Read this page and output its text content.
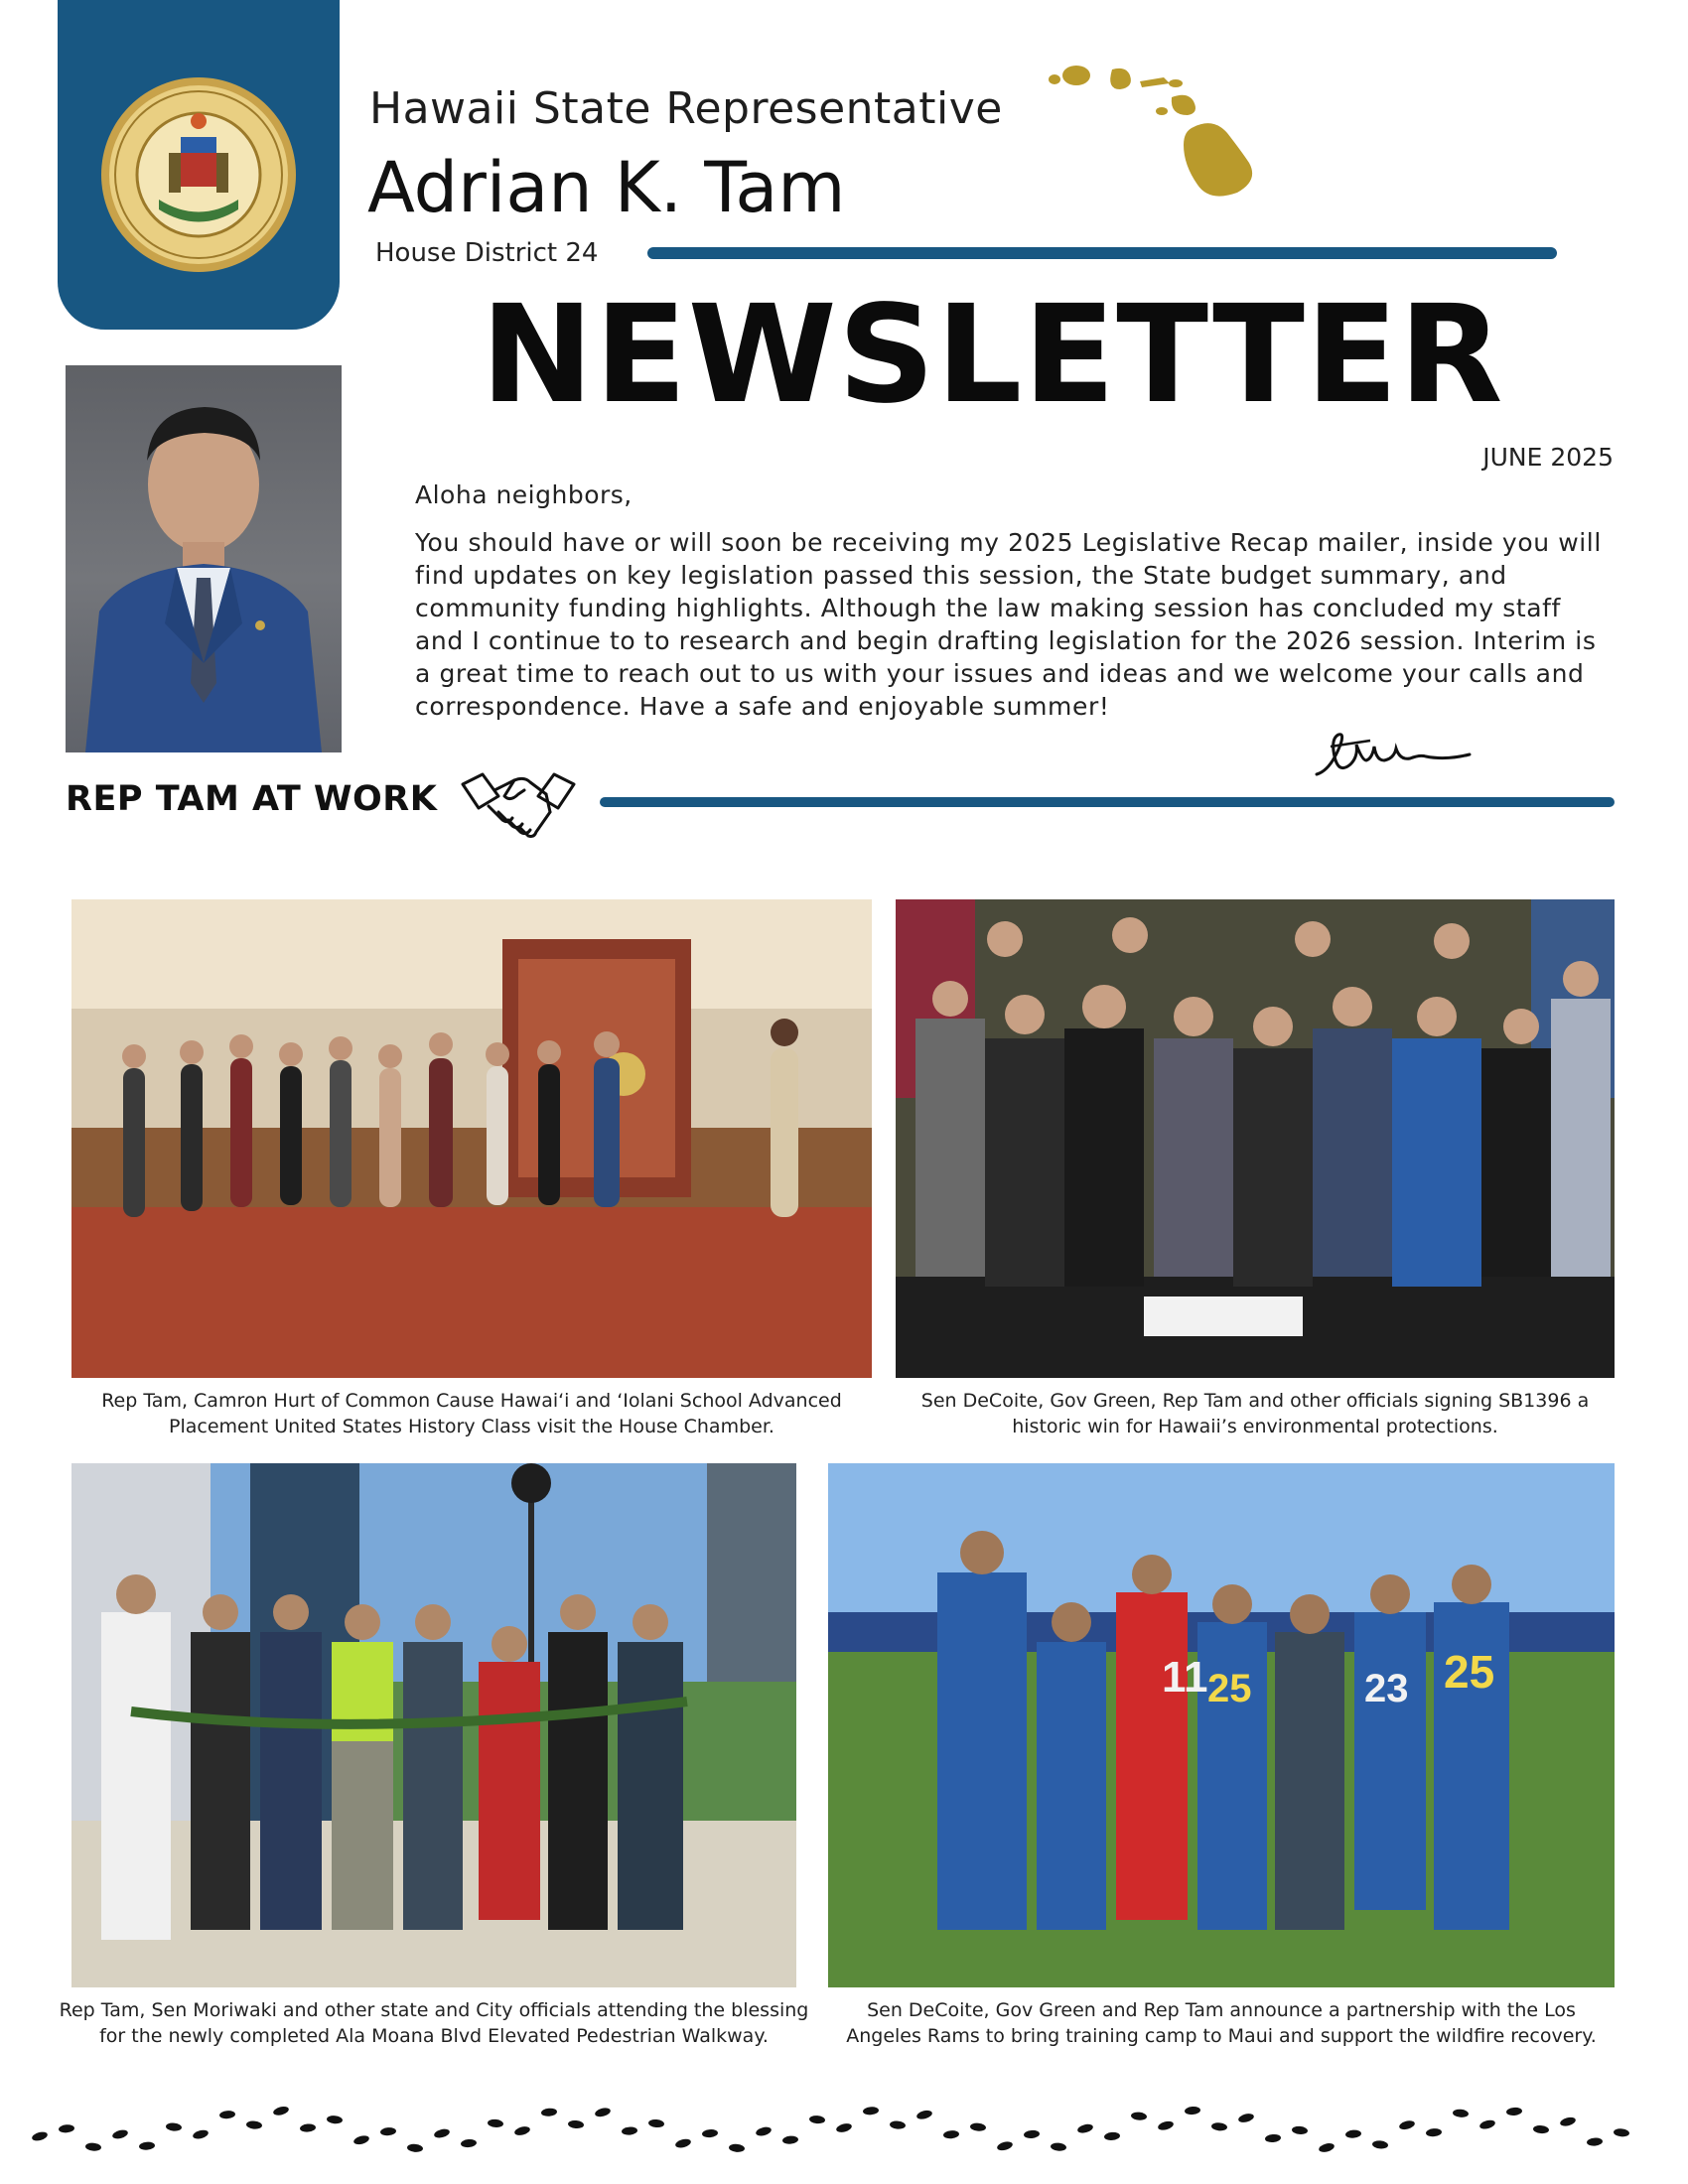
Hawaii State Representative
Adrian K. Tam
House District 24
NEWSLETTER
JUNE 2025
Aloha neighbors,
You should have or will soon be receiving my 2025 Legislative Recap mailer, inside you will find updates on key legislation passed this session, the State budget summary, and community funding highlights. Although the law making session has concluded my staff and I continue to to research and begin drafting legislation for the 2026 session. Interim is a great time to reach out to us with your issues and ideas and we welcome your calls and correspondence. Have a safe and enjoyable summer!
REP TAM AT WORK
Rep Tam, Camron Hurt of Common Cause Hawaiʻi and ʻIolani School Advanced Placement United States History Class visit the House Chamber.
Sen DeCoite, Gov Green, Rep Tam and other officials signing SB1396 a historic win for Hawaii’s environmental protections.
Rep Tam, Sen Moriwaki and other state and City officials attending the blessing for the newly completed Ala Moana Blvd Elevated Pedestrian Walkway.
11 25	23 25
Sen DeCoite, Gov Green and Rep Tam announce a partnership with the Los Angeles Rams to bring training camp to Maui and support the wildfire recovery.
